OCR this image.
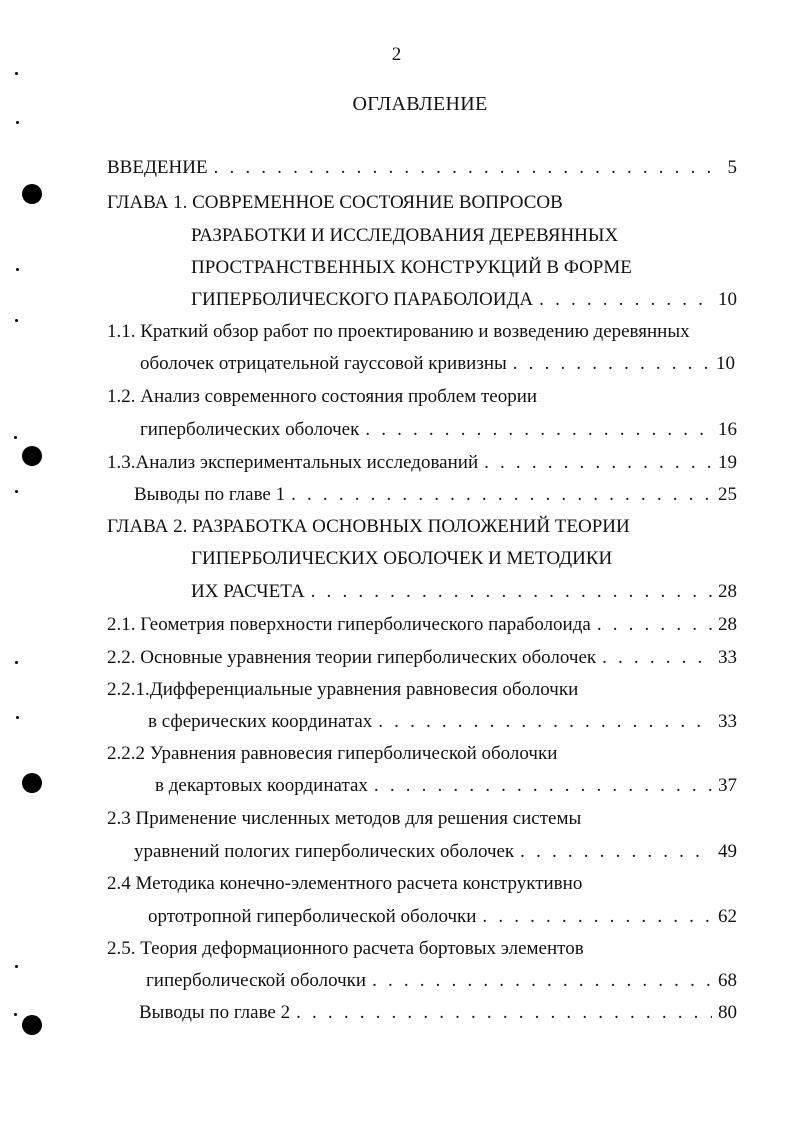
2
ОГЛАВЛЕНИЕ
ВВЕДЕНИЕ . . .	5
ГЛАВА 1. СОВРЕМЕННОЕ СОСТОЯНИЕ ВОПРОСОВ
РАЗРАБОТКИ И ИССЛЕДОВАНИЯ ДЕРЕВЯННЫХ
ПРОСТРАНСТВЕННЫХ КОНСТРУКЦИЙ В ФОРМЕ
ГИПЕРБОЛИЧЕСКОГО ПАРАБОЛОИДА . . .	10
1.1. Краткий обзор работ по проектированию и возведению деревянных
оболочек отрицательной гауссовой кривизны . . .	10
1.2. Анализ современного состояния проблем теории
гиперболических оболочек . . .	16
1.3.Анализ экспериментальных исследований . . .	19
Выводы по главе 1 . . .	25
ГЛАВА 2. РАЗРАБОТКА ОСНОВНЫХ ПОЛОЖЕНИЙ ТЕОРИИ
ГИПЕРБОЛИЧЕСКИХ ОБОЛОЧЕК И МЕТОДИКИ
ИХ РАСЧЕТА . . .	28
2.1. Геометрия поверхности гиперболического параболоида . . .	28
2.2. Основные уравнения теории гиперболических оболочек . . .	33
2.2.1.Дифференциальные уравнения равновесия оболочки
в сферических координатах . . .	33
2.2.2 Уравнения равновесия гиперболической оболочки
в декартовых координатах . . .	37
2.3 Применение численных методов для решения системы
уравнений пологих гиперболических оболочек . . .	49
2.4 Методика конечно-элементного расчета конструктивно
ортотропной гиперболической оболочки . . .	62
2.5. Теория деформационного расчета бортовых элементов
гиперболической оболочки . . .	68
Выводы по главе 2 . . .	80
